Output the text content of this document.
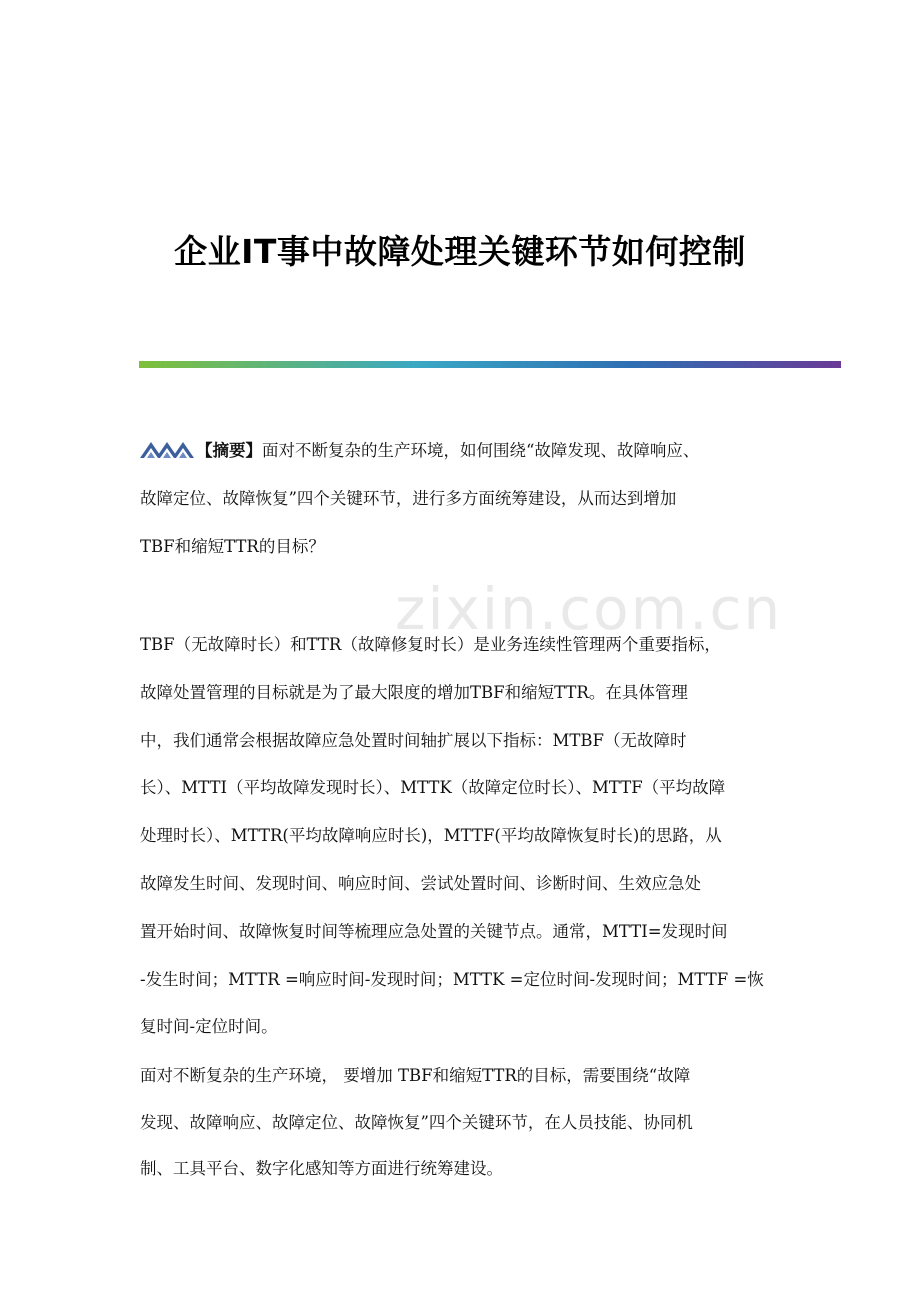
企业IT事中故障处理关键环节如何控制
zixin.com.cn
【摘要】面对不断复杂的生产环境，如何围绕“故障发现、故障响应、
故障定位、故障恢复”四个关键环节，进行多方面统筹建设，从而达到增加
TBF和缩短TTR的目标？
TBF（无故障时长）和TTR（故障修复时长）是业务连续性管理两个重要指标，
故障处置管理的目标就是为了最大限度的增加TBF和缩短TTR。在具体管理
中，我们通常会根据故障应急处置时间轴扩展以下指标：MTBF（无故障时
长）、MTTI（平均故障发现时长）、MTTK（故障定位时长）、MTTF（平均故障
处理时长）、MTTR(平均故障响应时长)，MTTF(平均故障恢复时长)的思路，从
故障发生时间、发现时间、响应时间、尝试处置时间、诊断时间、生效应急处
置开始时间、故障恢复时间等梳理应急处置的关键节点。通常，MTTI=发现时间
-发生时间；MTTR =响应时间-发现时间；MTTK =定位时间-发现时间；MTTF =恢
复时间-定位时间。
面对不断复杂的生产环境， 要增加 TBF和缩短TTR的目标，需要围绕“故障
发现、故障响应、故障定位、故障恢复”四个关键环节，在人员技能、协同机
制、工具平台、数字化感知等方面进行统筹建设。
